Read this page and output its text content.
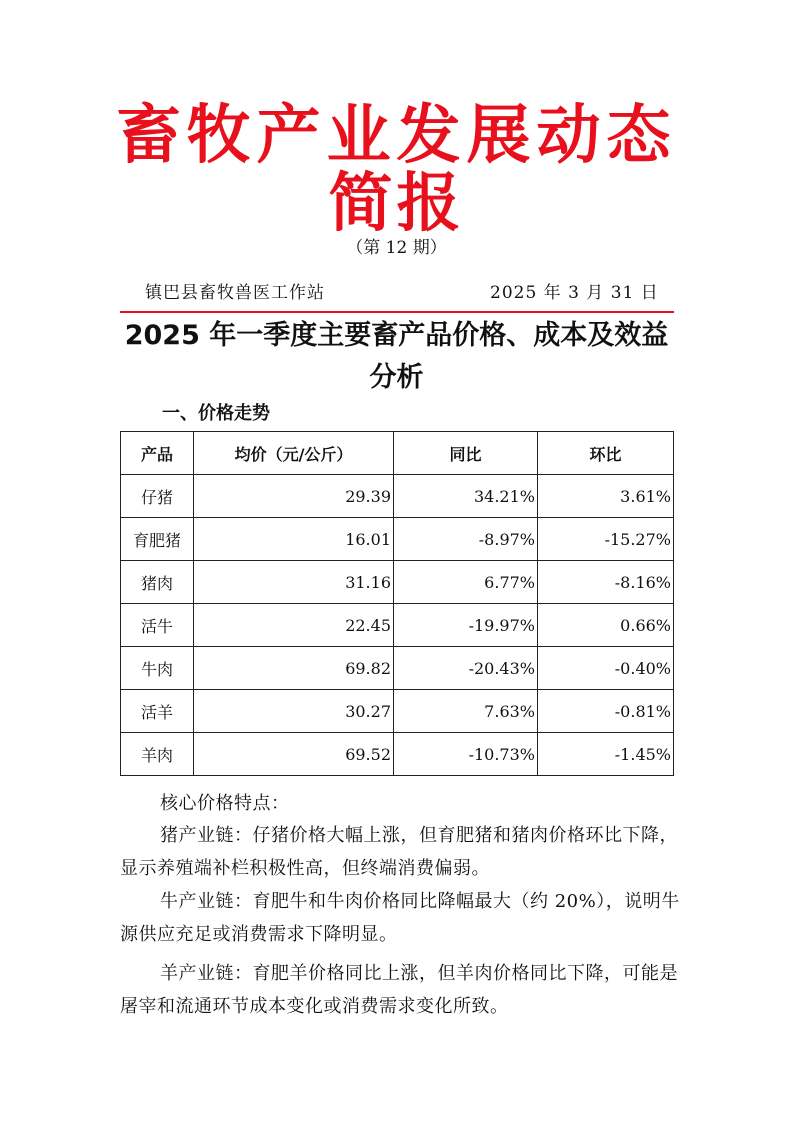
畜牧产业发展动态
简报
（第 12 期）
镇巴县畜牧兽医工作站	2025 年 3 月 31 日
2025 年一季度主要畜产品价格、成本及效益
分析
一、价格走势
产品	均价（元/公斤）	同比	环比
仔猪	29.39	34.21%	3.61%
育肥猪	16.01	-8.97%	-15.27%
猪肉	31.16	6.77%	-8.16%
活牛	22.45	-19.97%	0.66%
牛肉	69.82	-20.43%	-0.40%
活羊	30.27	7.63%	-0.81%
羊肉	69.52	-10.73%	-1.45%
核心价格特点：
猪产业链：仔猪价格大幅上涨，但育肥猪和猪肉价格环比下降，显示养殖端补栏积极性高，但终端消费偏弱。
牛产业链：育肥牛和牛肉价格同比降幅最大（约 20%），说明牛源供应充足或消费需求下降明显。
羊产业链：育肥羊价格同比上涨，但羊肉价格同比下降，可能是屠宰和流通环节成本变化或消费需求变化所致。
